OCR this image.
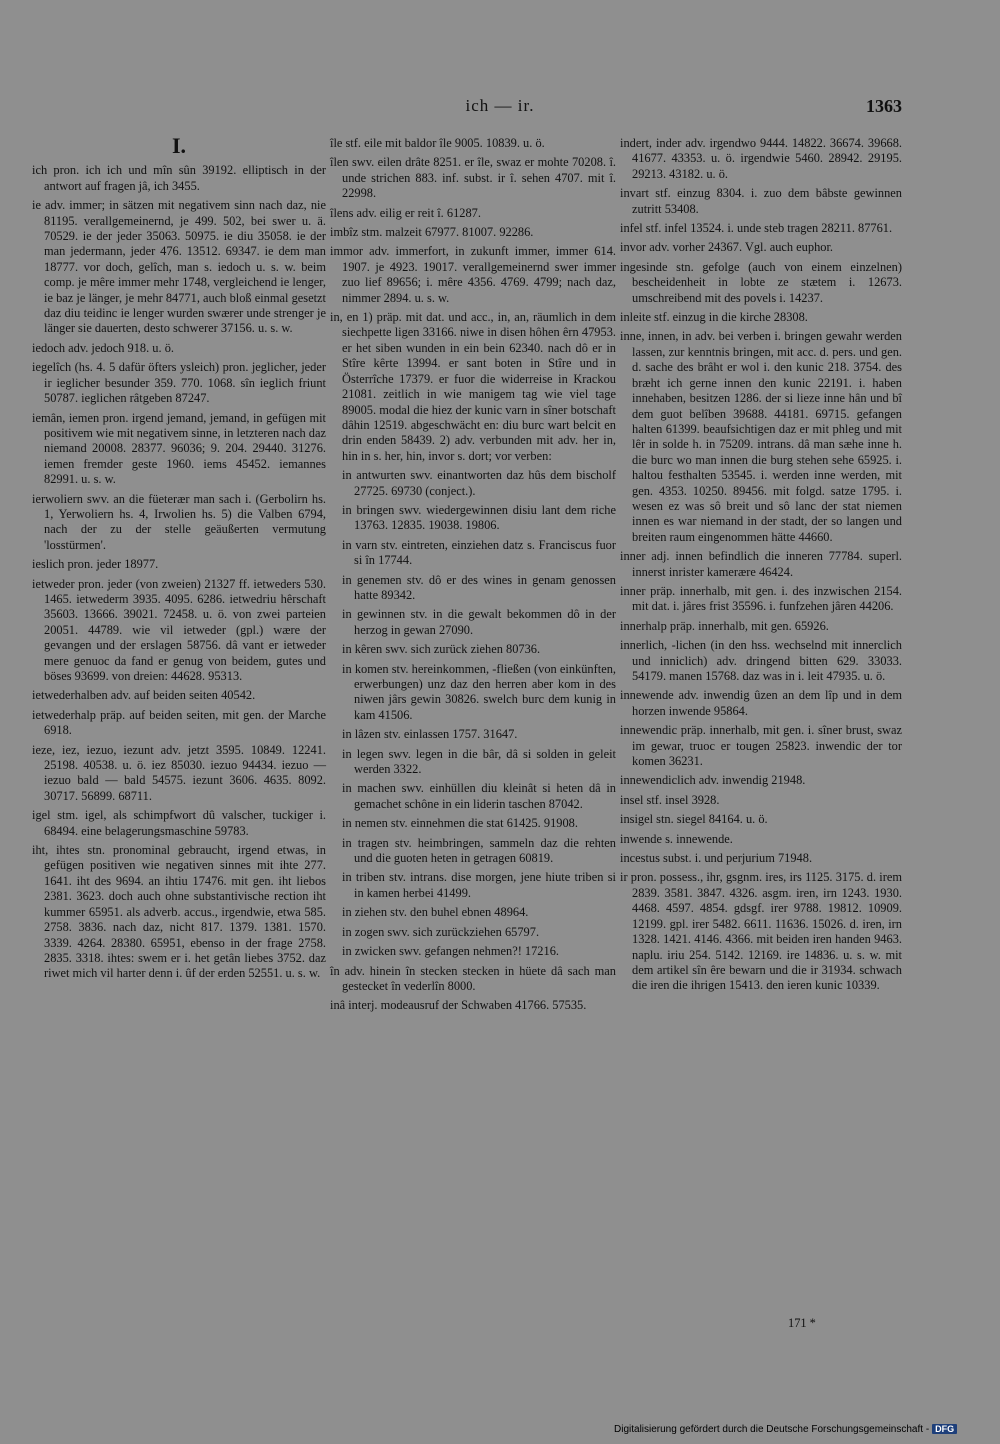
ich — ir.	1363
I.

ich pron. ich ich und mîn sûn 39192. elliptisch in der antwort auf fragen jâ, ich 3455.

ie adv. immer; in sätzen mit negativem sinn nach daz, nie 81195. verallgemeinernd, je 499. 502, bei swer u. ä. 70529. ie der jeder 35063. 50975. ie diu 35058. ie der man jedermann, jeder 476. 13512. 69347. ie dem man 18777. vor doch, gelîch, man s. iedoch u. s. w. beim comp. je mêre immer mehr 1748, vergleichend ie lenger, ie baz je länger, je mehr 84771, auch bloß einmal gesetzt daz diu teidinc ie lenger wurden swærer unde strenger je länger sie dauerten, desto schwerer 37156. u. s. w.

iedoch adv. jedoch 918. u. ö.

iegelîch (hs. 4. 5 dafür öfters ysleich) pron. jeglicher, jeder ir ieglicher besunder 359. 770. 1068. sîn ieglich friunt 50787. ieglichen râtgeben 87247.

iemân, iemen pron. irgend jemand, jemand, in gefügen mit positivem wie mit negativem sinne, in letzteren nach daz niemand 20008. 28377. 96036; 9. 204. 29440. 31276. iemen fremder geste 1960. iems 45452. iemannes 82991. u. s. w.

ierwoliern swv. an die füeterær man sach i. (Gerbolirn hs. 1, Yerwoliern hs. 4, Irwolien hs. 5) die Valben 6794, nach der zu der stelle geäußerten vermutung 'losstürmen'.

ieslich pron. jeder 18977.

ietweder pron. jeder (von zweien) 21327 ff. ietweders 530. 1465. ietwederm 3935. 4095. 6286. ietwedriu hêrschaft 35603. 13666. 39021. 72458. u. ö. von zwei parteien 20051. 44789. wie vil ietweder (gpl.) wære der gevangen und der erslagen 58756. dâ vant er ietweder mere genuoc da fand er genug von beidem, gutes und böses 93699. von dreien: 44628. 95313.

ietwederhalben adv. auf beiden seiten 40542.

ietwederhalp präp. auf beiden seiten, mit gen. der Marche 6918.

ieze, iez, iezuo, iezunt adv. jetzt 3595. 10849. 12241. 25198. 40538. u. ö. iez 85030. iezuo 94434. iezuo — iezuo bald — bald 54575. iezunt 3606. 4635. 8092. 30717. 56899. 68711.

igel stm. igel, als schimpfwort dû valscher, tuckiger i. 68494. eine belagerungsmaschine 59783.

iht, ihtes stn. pronominal gebraucht, irgend etwas, in gefügen positiven wie negativen sinnes mit ihte 277. 1641. iht des 9694. an ihtiu 17476. mit gen. iht liebos 2381. 3623. doch auch ohne substantivische rection iht kummer 65951. als adverb. accus., irgendwie, etwa 585. 2758. 3836. nach daz, nicht 817. 1379. 1381. 1570. 3339. 4264. 28380. 65951, ebenso in der frage 2758. 2835. 3318. ihtes: swem er i. het getân liebes 3752. daz riwet mich vil harter denn i. ûf der erden 52551. u. s. w.

île stf. eile mit baldor île 9005. 10839. u. ö.

îlen swv. eilen drâte 8251. er île, swaz er mohte 70208. î. unde strichen 883. inf. subst. ir î. sehen 4707. mit î. 22998.

îlens adv. eilig er reit î. 61287.

imbîz stm. malzeit 67977. 81007. 92286.

immor adv. immerfort, in zukunft immer, immer 614. 1907. je 4923. 19017. verallgemeinernd swer immer zuo lief 89656; i. mêre 4356. 4769. 4799; nach daz, nimmer 2894. u. s. w.

in, en 1) präp. mit dat. und acc., in, an, räumlich in dem siechpette ligen 33166. niwe in disen hôhen êrn 47953. er het siben wunden in ein bein 62340. nach dô er in Stîre kêrte 13994. er sant boten in Stîre und in Österrîche 17379. er fuor die widerreise in Krackou 21081. zeitlich in wie manigem tag wie viel tage 89005. modal die hiez der kunic varn in sîner botschaft dâhin 12519. abgeschwächt en: diu burc wart belcit en drin enden 58439. 2) adv. verbunden mit adv. her in, hin in s. her, hin, invor s. dort; vor verben:

in antwurten swv. einantworten daz hûs dem bischolf 27725. 69730 (conject.).

in bringen swv. wiedergewinnen disiu lant dem riche 13763. 12835. 19038. 19806.

in varn stv. eintreten, einziehen datz s. Franciscus fuor si în 17744.

in genemen stv. dô er des wines in genam genossen hatte 89342.

in gewinnen stv. in die gewalt bekommen dô in der herzog in gewan 27090.

in kêren swv. sich zurück ziehen 80736.

in komen stv. hereinkommen, -fließen (von einkünften, erwerbungen) unz daz den herren aber kom in des niwen jârs gewin 30826. swelch burc dem kunig in kam 41506.

in lâzen stv. einlassen 1757. 31647.

in legen swv. legen in die bâr, dâ si solden in geleit werden 3322.

in machen swv. einhüllen diu kleinât si heten dâ in gemachet schône in ein liderin taschen 87042.

in nemen stv. einnehmen die stat 61425. 91908.

in tragen stv. heimbringen, sammeln daz die rehten und die guoten heten in getragen 60819.

in triben stv. intrans. dise morgen, jene hiute triben si in kamen herbei 41499.

in ziehen stv. den buhel ebnen 48964.

in zogen swv. sich zurückziehen 65797.

in zwicken swv. gefangen nehmen?! 17216.

în adv. hinein în stecken stecken in hüete dâ sach man gestecket în vederlîn 8000.

inâ interj. modeausruf der Schwaben 41766. 57535.

indert, inder adv. irgendwo 9444. 14822. 36674. 39668. 41677. 43353. u. ö. irgendwie 5460. 28942. 29195. 29213. 43182. u. ö.

invart stf. einzug 8304. i. zuo dem bâbste gewinnen zutritt 53408.

infel stf. infel 13524. i. unde steb tragen 28211. 87761.

invor adv. vorher 24367. Vgl. auch euphor.

ingesinde stn. gefolge (auch von einem einzelnen) bescheidenheit in lobte ze stætem i. 12673. umschreibend mit des povels i. 14237.

inleite stf. einzug in die kirche 28308.

inne, innen, in adv. bei verben i. bringen gewahr werden lassen, zur kenntnis bringen, mit acc. d. pers. und gen. d. sache des brâht er wol i. den kunic 218. 3754. des bræht ich gerne innen den kunic 22191. i. haben innehaben, besitzen 1286. der si lieze inne hân und bî dem guot belîben 39688. 44181. 69715. gefangen halten 61399. beaufsichtigen daz er mit phleg und mit lêr in solde h. in 75209. intrans. dâ man sæhe inne h. die burc wo man innen die burg stehen sehe 65925. i. haltou festhalten 53545. i. werden inne werden, mit gen. 4353. 10250. 89456. mit folgd. satze 1795. i. wesen ez was sô breit und sô lanc der stat niemen innen es war niemand in der stadt, der so langen und breiten raum eingenommen hätte 44660.

inner adj. innen befindlich die inneren 77784. superl. innerst inrister kamerære 46424.

inner präp. innerhalb, mit gen. i. des inzwischen 2154. mit dat. i. jâres frist 35596. i. funfzehen jâren 44206.

innerhalp präp. innerhalb, mit gen. 65926.

innerlich, -lichen (in den hss. wechselnd mit innerclich und inniclich) adv. dringend bitten 629. 33033. 54179. manen 15768. daz was in i. leit 47935. u. ö.

innewende adv. inwendig ûzen an dem lîp und in dem horzen inwende 95864.

innewendic präp. innerhalb, mit gen. i. sîner brust, swaz im gewar, truoc er tougen 25823. inwendic der tor komen 36231.

innewendiclich adv. inwendig 21948.

insel stf. insel 3928.

insigel stn. siegel 84164. u. ö.

inwende s. innewende.

incestus subst. i. und perjurium 71948.

ir pron. possess., ihr, gsgnm. ires, irs 1125. 3175. d. irem 2839. 3581. 3847. 4326. asgm. iren, irn 1243. 1930. 4468. 4597. 4854. gdsgf. irer 9788. 19812. 10909. 12199. gpl. irer 5482. 6611. 11636. 15026. d. iren, irn 1328. 1421. 4146. 4366. mit beiden iren handen 9463. naplu. iriu 254. 5142. 12169. ire 14836. u. s. w. mit dem artikel sîn êre bewarn und die ir 31934. schwach die iren die ihrigen 15413. den ieren kunic 10339.

171 *
Digitalisierung gefördert durch die Deutsche Forschungsgemeinschaft - DFG
